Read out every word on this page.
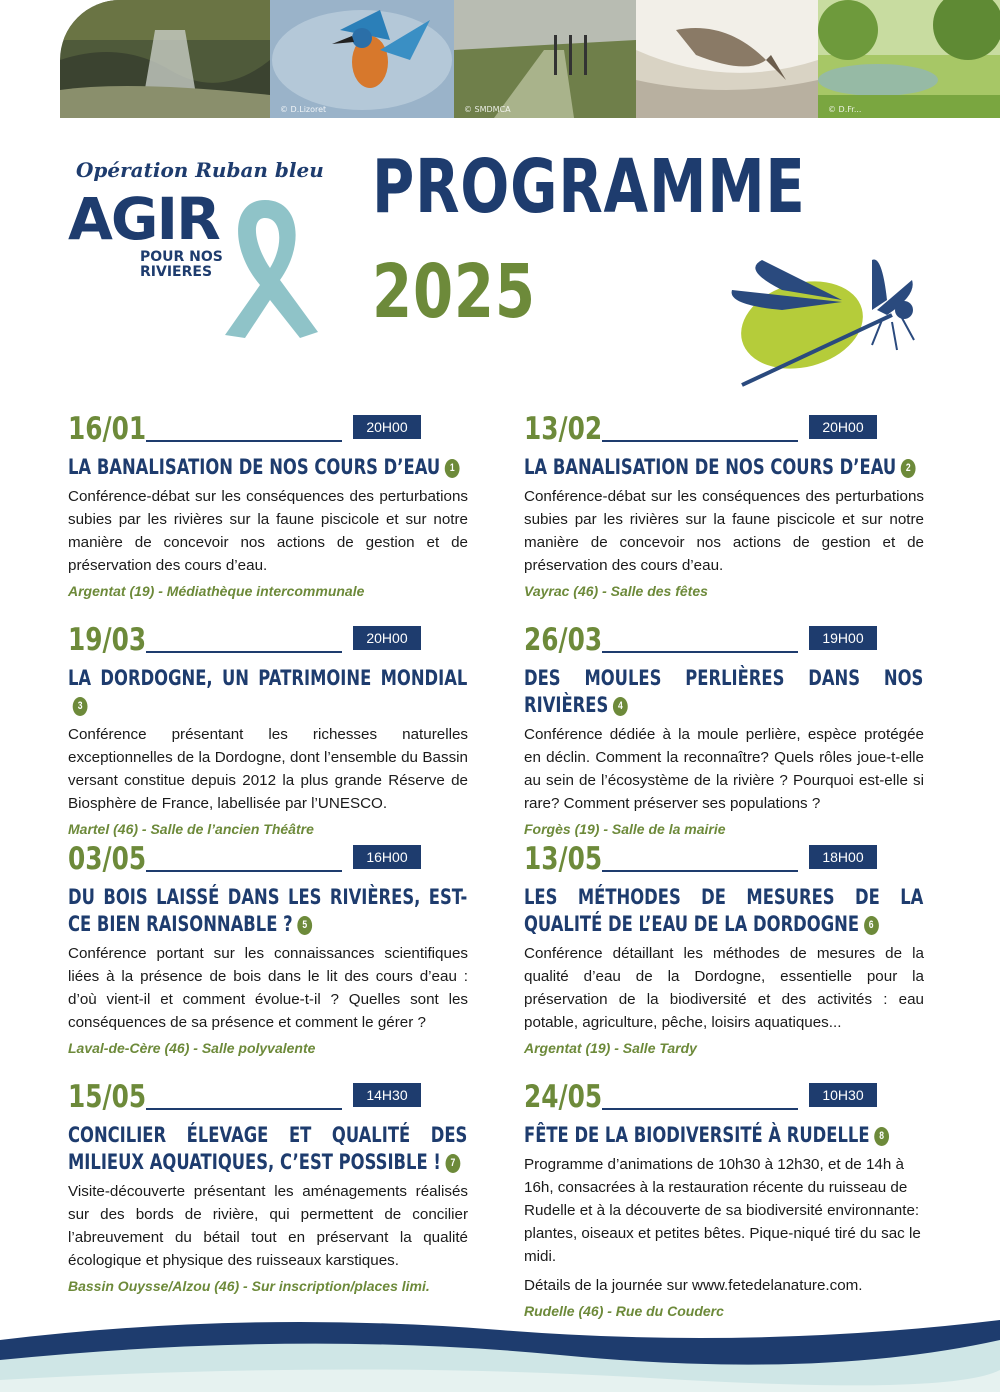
© D.Lizoret	© SMDMCA	© D.Fr...
Opération Ruban bleu
AGIR
POUR NOS
RIVIERES
PROGRAMME
2025
16/01	20H00
LA BANALISATION DE NOS COURS D’EAU 1

Conférence-débat sur les conséquences des perturbations subies par les rivières sur la faune piscicole et sur notre manière de concevoir nos actions de gestion et de préservation des cours d’eau.

Argentat (19) - Médiathèque intercommunale
13/02	20H00
LA BANALISATION DE NOS COURS D’EAU 2

Conférence-débat sur les conséquences des perturbations subies par les rivières sur la faune piscicole et sur notre manière de concevoir nos actions de gestion et de préservation des cours d’eau.

Vayrac (46) - Salle des fêtes
19/03	20H00
LA DORDOGNE, UN PATRIMOINE MONDIAL3

Conférence présentant les richesses naturelles exceptionnelles de la Dordogne, dont l’ensemble du Bassin versant constitue depuis 2012 la plus grande Réserve de Biosphère de France, labellisée par l’UNESCO.

Martel (46) - Salle de l’ancien Théâtre
26/03	19H00
DES MOULES PERLIÈRES DANS NOS RIVIÈRES 4

Conférence dédiée à la moule perlière, espèce protégée en déclin. Comment la reconnaître? Quels rôles joue-t-elle au sein de l’écosystème de la rivière ? Pourquoi est-elle si rare? Comment préserver ses populations ?

Forgès (19) - Salle de la mairie
03/05	16H00
DU BOIS LAISSÉ DANS LES RIVIÈRES, EST-CE BIEN RAISONNABLE ? 5

Conférence portant sur les connaissances scientifiques liées à la présence de bois dans le lit des cours d’eau : d’où vient-il et comment évolue-t-il ? Quelles sont les conséquences de sa présence et comment le gérer ?

Laval-de-Cère (46) - Salle polyvalente
13/05	18H00
LES MÉTHODES DE MESURES DE LA QUALITÉ DE L’EAU DE LA DORDOGNE 6

Conférence détaillant les méthodes de mesures de la qualité d’eau de la Dordogne, essentielle pour la préservation de la biodiversité et des activités : eau potable, agriculture, pêche, loisirs aquatiques...

Argentat (19) - Salle Tardy
15/05	14H30
CONCILIER ÉLEVAGE ET QUALITÉ DES MILIEUX AQUATIQUES, C’EST POSSIBLE ! 7

Visite-découverte présentant les aménagements réalisés sur des bords de rivière, qui permettent de concilier l’abreuvement du bétail tout en préservant la qualité écologique et physique des ruisseaux karstiques.

Bassin Ouysse/Alzou (46) - Sur inscription/places limi.
24/05	10H30
FÊTE DE LA BIODIVERSITÉ À RUDELLE 8

Programme d’animations de 10h30 à 12h30, et de 14h à 16h, consacrées à la restauration récente du ruisseau de Rudelle et à la découverte de sa biodiversité environnante: plantes, oiseaux et petites bêtes. Pique-niqué tiré du sac le midi.

Détails de la journée sur www.fetedelanature.com.

Rudelle (46) - Rue du Couderc
